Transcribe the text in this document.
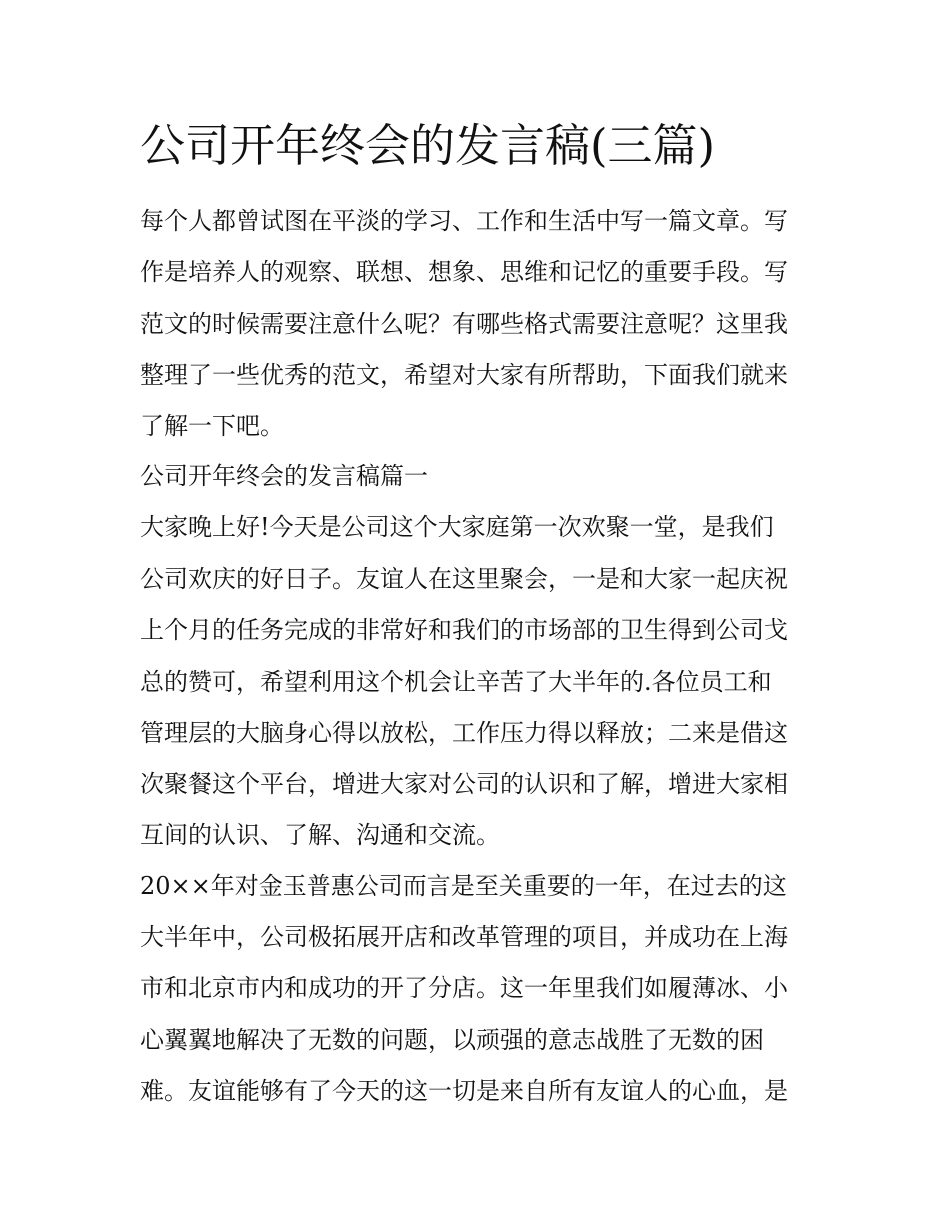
公司开年终会的发言稿(三篇)

每个人都曾试图在平淡的学习、工作和生活中写一篇文章。写

作是培养人的观察、联想、想象、思维和记忆的重要手段。写

范文的时候需要注意什么呢？有哪些格式需要注意呢？这里我

整理了一些优秀的范文，希望对大家有所帮助，下面我们就来

了解一下吧。

公司开年终会的发言稿篇一

大家晚上好!今天是公司这个大家庭第一次欢聚一堂，是我们

公司欢庆的好日子。友谊人在这里聚会，一是和大家一起庆祝

上个月的任务完成的非常好和我们的市场部的卫生得到公司戈

总的赞可，希望利用这个机会让辛苦了大半年的.各位员工和

管理层的大脑身心得以放松，工作压力得以释放；二来是借这

次聚餐这个平台，增进大家对公司的认识和了解，增进大家相

互间的认识、了解、沟通和交流。

20××年对金玉普惠公司而言是至关重要的一年，在过去的这

大半年中，公司极拓展开店和改革管理的项目，并成功在上海

市和北京市内和成功的开了分店。这一年里我们如履薄冰、小

心翼翼地解决了无数的问题，以顽强的意志战胜了无数的困

难。友谊能够有了今天的这一切是来自所有友谊人的心血，是
